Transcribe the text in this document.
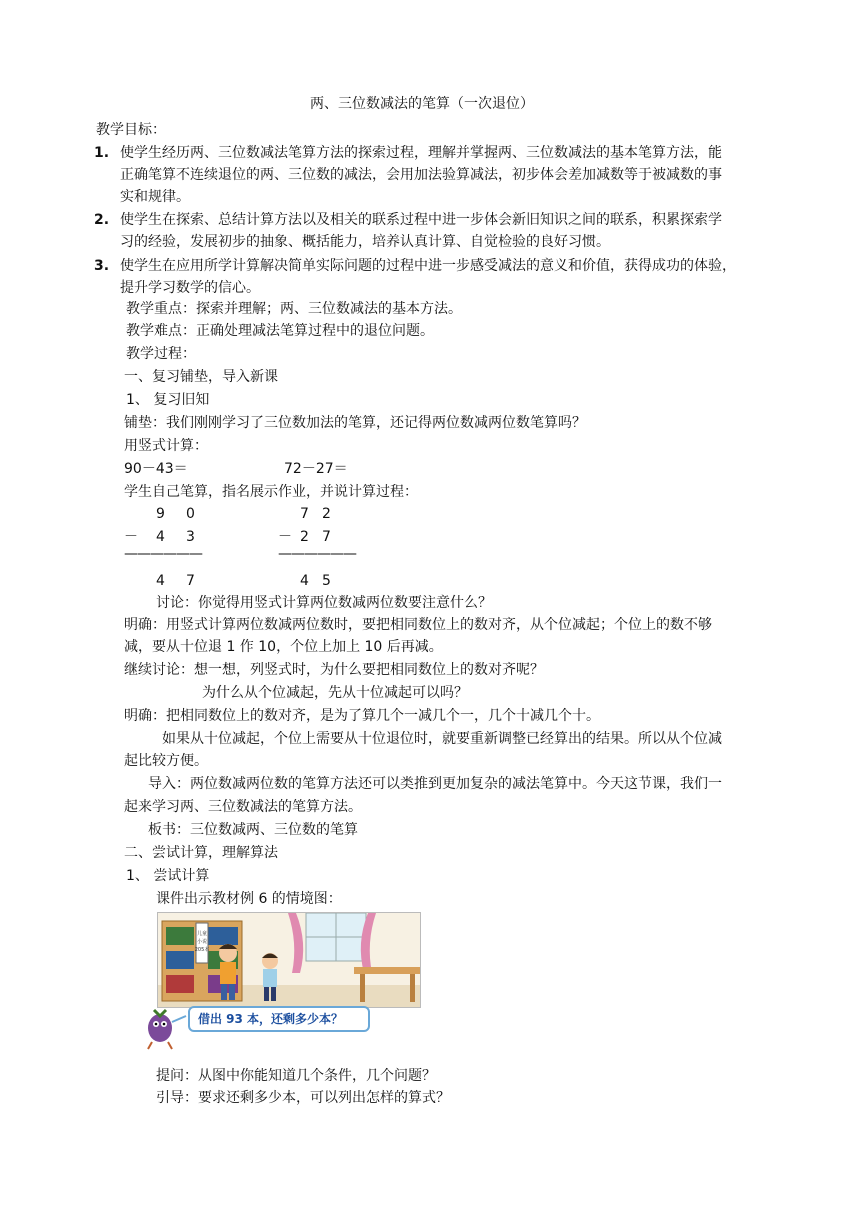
两、三位数减法的笔算（一次退位）
教学目标：
1. 使学生经历两、三位数减法笔算方法的探索过程，理解并掌握两、三位数减法的基本笔算方法，能
正确笔算不连续退位的两、三位数的减法，会用加法验算减法，初步体会差加减数等于被减数的事
实和规律。
2. 使学生在探索、总结计算方法以及相关的联系过程中进一步体会新旧知识之间的联系，积累探索学
习的经验，发展初步的抽象、概括能力，培养认真计算、自觉检验的良好习惯。
3. 使学生在应用所学计算解决简单实际问题的过程中进一步感受减法的意义和价值，获得成功的体验，
提升学习数学的信心。
教学重点：探索并理解；两、三位数减法的基本方法。
教学难点：正确处理减法笔算过程中的退位问题。
教学过程：
一、复习铺垫，导入新课
1、 复习旧知
铺垫：我们刚刚学习了三位数加法的笔算，还记得两位数减两位数笔算吗？
用竖式计算：
90－43＝	72－27＝
学生自己笔算，指名展示作业，并说计算过程：
9 0
－ 4 3
——————
4 7
7 2
－ 2 7
——————
4 5
讨论：你觉得用竖式计算两位数减两位数要注意什么？
明确：用竖式计算两位数减两位数时，要把相同数位上的数对齐，从个位减起；个位上的数不够
减，要从十位退 1 作 10，个位上加上 10 后再减。
继续讨论：想一想，列竖式时，为什么要把相同数位上的数对齐呢？
为什么从个位减起，先从十位减起可以吗？
明确：把相同数位上的数对齐，是为了算几个一减几个一，几个十减几个十。
如果从十位减起，个位上需要从十位退位时，就要重新调整已经算出的结果。所以从个位减
起比较方便。
导入：两位数减两位数的笔算方法还可以类推到更加复杂的减法笔算中。今天这节课，我们一
起来学习两、三位数减法的笔算方法。
板书：三位数减两、三位数的笔算
二、尝试计算，理解算法
1、 尝试计算
课件出示教材例 6 的情境图：
儿童
小说
205本
借出 93 本，还剩多少本？
提问：从图中你能知道几个条件，几个问题？
引导：要求还剩多少本，可以列出怎样的算式？
